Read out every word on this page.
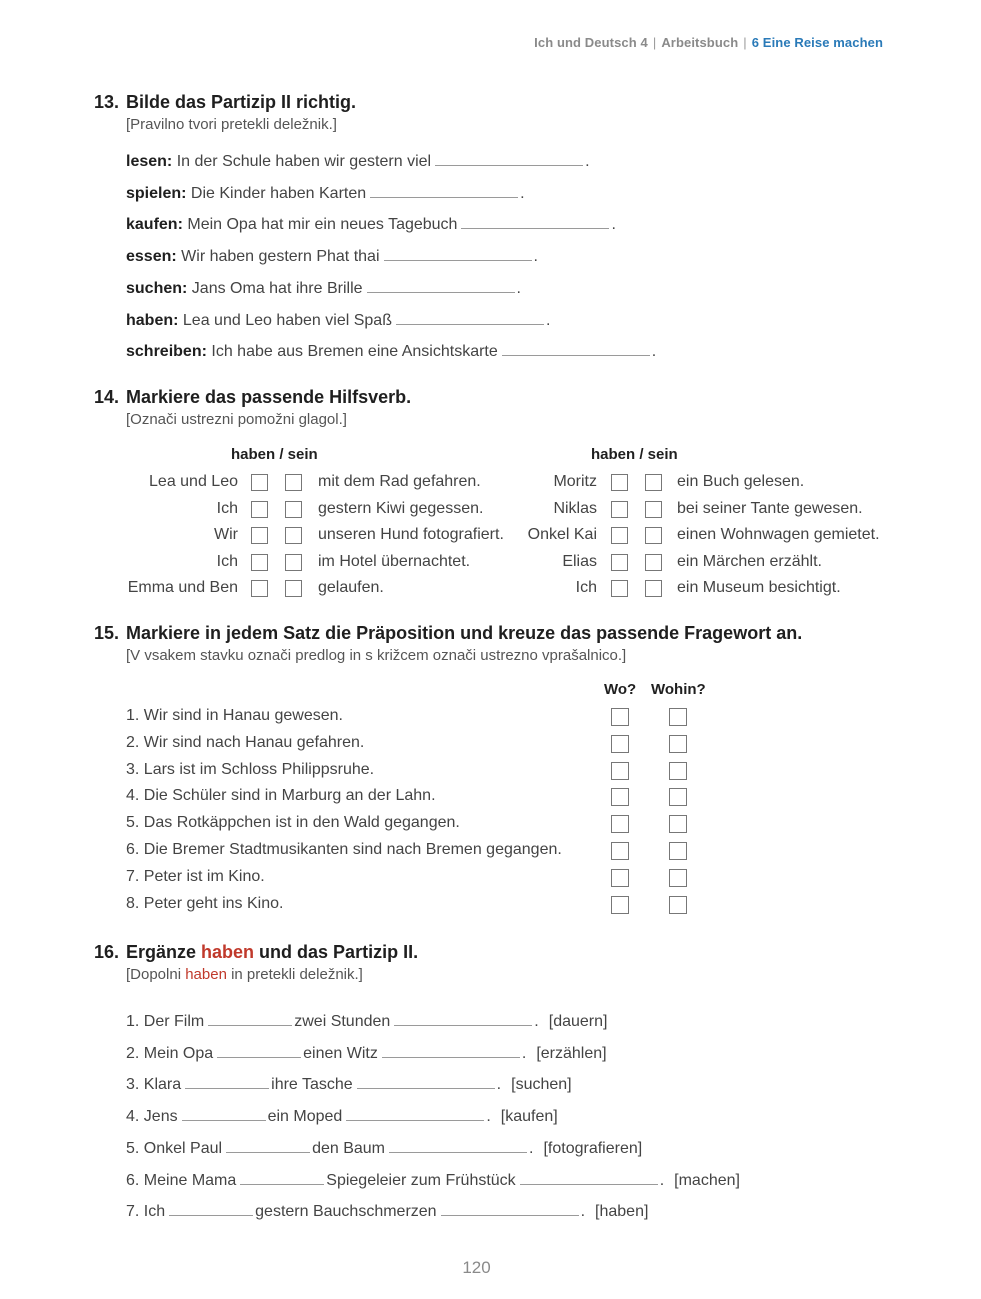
Ich und Deutsch 4 | Arbeitsbuch | 6 Eine Reise machen
13. Bilde das Partizip II richtig.
[Pravilno tvori pretekli deležnik.]
lesen: In der Schule haben wir gestern viel	.
spielen: Die Kinder haben Karten	.
kaufen: Mein Opa hat mir ein neues Tagebuch	.
essen: Wir haben gestern Phat thai	.
suchen: Jans Oma hat ihre Brille	.
haben: Lea und Leo haben viel Spaß	.
schreiben: Ich habe aus Bremen eine Ansichtskarte	.
14. Markiere das passende Hilfsverb.
[Označi ustrezni pomožni glagol.]
haben / sein	haben / sein
Lea und Leo	mit dem Rad gefahren.
Ich	gestern Kiwi gegessen.
Wir	unseren Hund fotografiert.
Ich	im Hotel übernachtet.
Emma und Ben	gelaufen.
Moritz	ein Buch gelesen.
Niklas	bei seiner Tante gewesen.
Onkel Kai	einen Wohnwagen gemietet.
Elias	ein Märchen erzählt.
Ich	ein Museum besichtigt.
15. Markiere in jedem Satz die Präposition und kreuze das passende Fragewort an.
[V vsakem stavku označi predlog in s križcem označi ustrezno vprašalnico.]
Wo? Wohin?
1. Wir sind in Hanau gewesen.
2. Wir sind nach Hanau gefahren.
3. Lars ist im Schloss Philippsruhe.
4. Die Schüler sind in Marburg an der Lahn.
5. Das Rotkäppchen ist in den Wald gegangen.
6. Die Bremer Stadtmusikanten sind nach Bremen gegangen.
7. Peter ist im Kino.
8. Peter geht ins Kino.
16. Ergänze haben und das Partizip II.
[Dopolni haben in pretekli deležnik.]
1. Der Film	zwei Stunden	. [dauern]
2. Mein Opa	einen Witz	. [erzählen]
3. Klara	ihre Tasche	. [suchen]
4. Jens	ein Moped	. [kaufen]
5. Onkel Paul	den Baum	. [fotografieren]
6. Meine Mama	Spiegeleier zum Frühstück	. [machen]
7. Ich	gestern Bauchschmerzen	. [haben]
120
